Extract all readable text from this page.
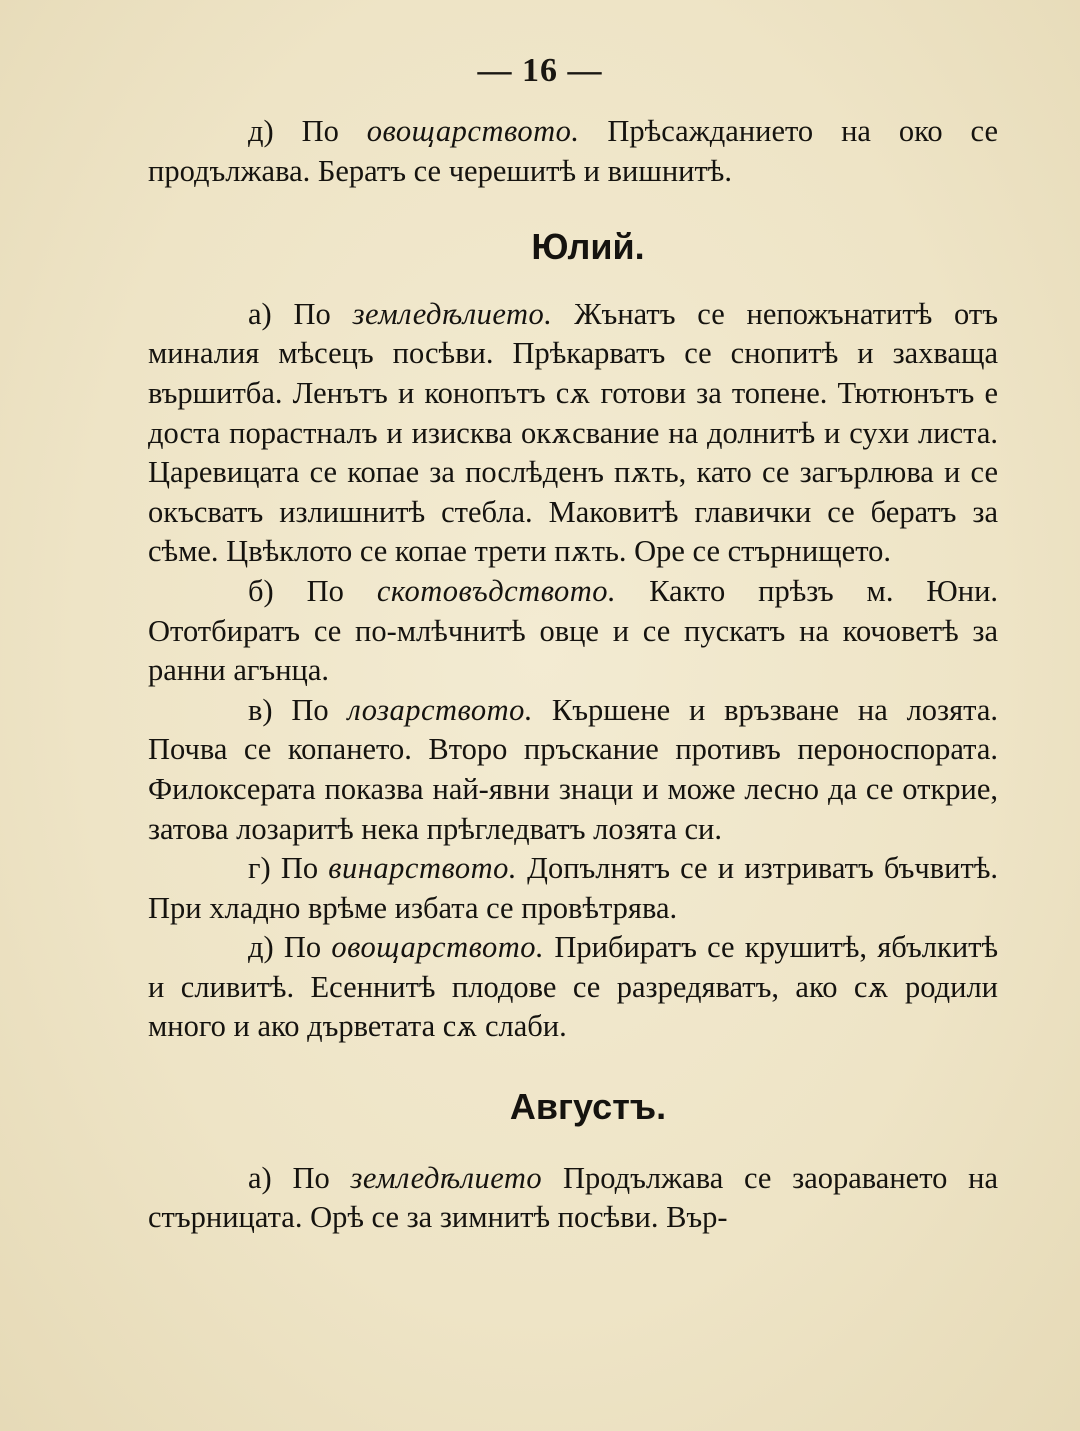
— 16 —

д) По овощарството. Прѣсажданието на око се продължава. Бератъ се черешитѣ и вишнитѣ.

Юлий.

а) По земледѣлието. Жънатъ се непожънатитѣ отъ миналия мѣсецъ посѣви. Прѣкарватъ се снопитѣ и захваща вършитба. Ленътъ и конопътъ сѫ готови за топене. Тютюнътъ е доста порастналъ и изисква окѫсвание на долнитѣ и сухи листа. Царевицата се копае за послѣденъ пѫть, като се загърлюва и се окъсватъ излишнитѣ стебла. Маковитѣ главички се бератъ за сѣме. Цвѣклото се копае трети пѫть. Оре се стърнището.

б) По скотовъдството. Както прѣзъ м. Юни. Ототбиратъ се по-млѣчнитѣ овце и се пускатъ на кочоветѣ за ранни агънца.

в) По лозарството. Кършене и връзване на лозята. Почва се копането. Второ пръскание противъ пероноспората. Филоксерата показва най-явни знаци и може лесно да се открие, затова лозаритѣ нека прѣгледватъ лозята си.

г) По винарството. Допълнятъ се и изтриватъ бъчвитѣ. При хладно врѣме избата се провѣтрява.

д) По овощарството. Прибиратъ се крушитѣ, ябълкитѣ и сливитѣ. Есеннитѣ плодове се разредяватъ, ако сѫ родили много и ако дърветата сѫ слаби.

Августъ.

а) По земледѣлието Продължава се заораването на стърницата. Орѣ се за зимнитѣ посѣви. Вър-
